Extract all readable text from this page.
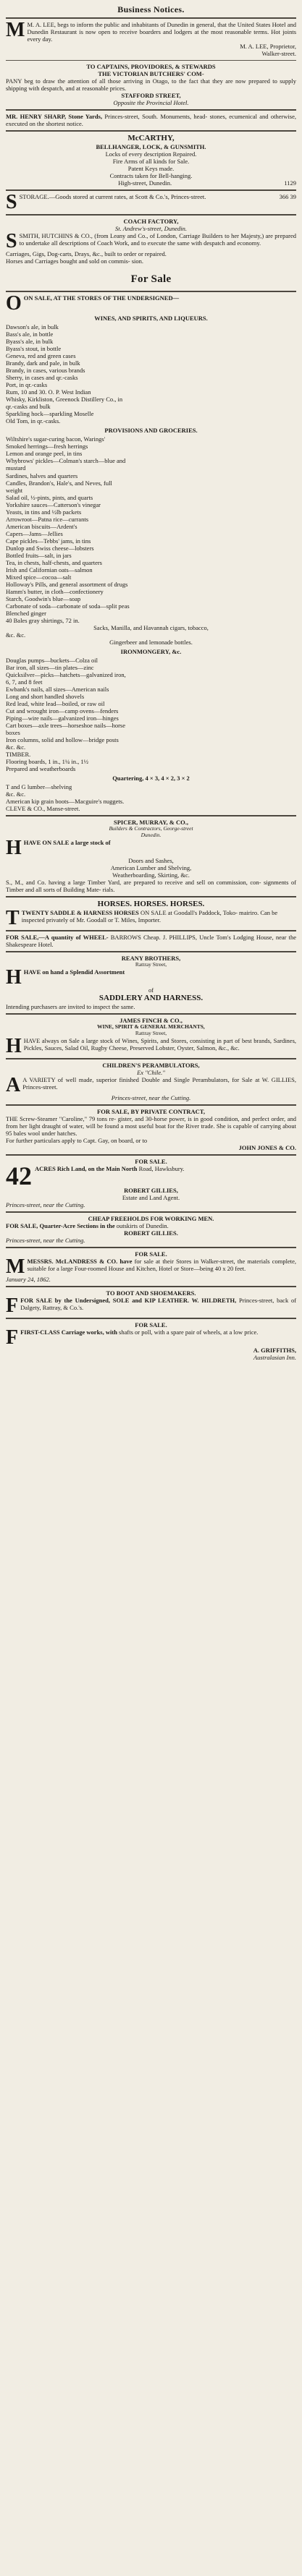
Business Notices.
M M. A. LEE, begs to inform the public and inhabitants of Dunedin in general, that the United States Hotel and Dunedin Restaurant is now open to receive boarders and lodgers at the most reasonable terms. Hot joints every day.
M. A. LEE, Proprietor,
Walker-street.
TO CAPTAINS, PROVIDORES, & STEWARDS
THE VICTORIAN BUTCHERS' COM-
PANY beg to draw the attention of all those arriving in Otago, to the fact that they are now prepared to supply shipping with despatch, and at reasonable prices.
STAFFORD STREET,
Opposite the Provincial Hotel.
MR. HENRY SHARP, Stone Yards, Princes-street, South. Monuments, head- stones, ecumenical and otherwise, executed on the shortest notice.
McCARTHY,
BELLHANGER, LOCK, & GUNSMITH.
Locks of every description Repaired.
Fire Arms of all kinds for Sale.
Patent Keys made.
Contracts taken for Bell-hanging.
High-street, Dunedin.	1129
S STORAGE.—Goods stored at current rates, at Scott & Co.'s, Princes-street.	366 39
COACH FACTORY,
St. Andrew's-street, Dunedin.
S SMITH, HUTCHINS & CO., (from Leany and Co., of London, Carriage Builders to her Majesty,) are prepared to undertake all descriptions of Coach Work, and to execute the same with despatch and economy.
Carriages, Gigs, Dog-carts, Drays, &c., built to order or repaired.
Horses and Carriages bought and sold on commis- sion.
For Sale
O ON SALE, AT THE STORES OF THE UNDERSIGNED—
WINES, AND SPIRITS, AND LIQUEURS.
Dawson's ale, in bulk
Bass's ale, in bottle
Byass's ale, in bulk
Byass's stout, in bottle
Geneva, red and green cases
Brandy, dark and pale, in bulk
Brandy, in cases, various brands
Sherry, in cases and qr.-casks
Port, in qr.-casks
Rum, 10 and 30. O. P. West Indian
Whisky, Kirkliston, Greenock Distillery Co., in
qr.-casks and bulk
Sparkling hock—sparkling Moselle
Old Tom, in qr.-casks.
PROVISIONS AND GROCERIES.
Wiltshire's sugar-curing bacon, Warings'
Smoked herrings—fresh herrings
Lemon and orange peel, in tins
Whybrows' pickles—Colman's starch—blue and
mustard
Sardines, halves and quarters
Candles, Brandon's, Hale's, and Neves, full
weight
Salad oil, ½-pints, pints, and quarts
Yorkshire sauces—Catterson's vinegar
Yeasts, in tins and ½lb packets
Arrowroot—Patna rice—currants
American biscuits—Ardent's
Capers—Jams—Jellies
Cape pickles—Tebbs' jams, in tins
Dunlop and Swiss cheese—lobsters
Bottled fruits—salt, in jars
Tea, in chests, half-chests, and quarters
Irish and Californian oats—salmon
Mixed spice—cocoa—salt
Holloway's Pills, and general assortment of drugs
Hamm's butter, in cloth—confectionery
Starch, Goodwin's blue—soap
Carbonate of soda—carbonate of soda—split peas
Blenched ginger
40 Bales gray shirtings, 72 in.
Sacks, Manilla, and Havannah cigars, tobacco,
&c. &c.
Gingerbeer and lemonade bottles.
IRONMONGERY, &c.
Douglas pumps—buckets—Colza oil
Bar iron, all sizes—tin plates—zinc
Quicksilver—picks—hatchets—galvanized iron,
6, 7, and 8 feet
Ewbank's nails, all sizes—American nails
Long and short handled shovels
Red lead, white lead—boiled, or raw oil
Cut and wrought iron—camp ovens—fenders
Piping—wire nails—galvanized iron—hinges
Cart boxes—axle trees—horseshoe nails—horse
boxes
Iron columns, solid and hollow—bridge posts
&c. &c.
TIMBER.
Flooring boards, 1 in., 1¼ in., 1½
Prepared and weatherboards
Quartering, 4 × 3, 4 × 2, 3 × 2
T and G lumber—shelving
&c. &c.
American kip grain boots—Macguire's nuggets.
CLEVE & CO., Manse-street.
SPICER, MURRAY, & CO.,
Builders & Contractors, George-street
Dunedin.
H HAVE ON SALE a large stock of
Doors and Sashes,
American Lumber and Shelving,
Weatherboarding, Skirting, &c.
S., M., and Co. having a large Timber Yard, are prepared to receive and sell on commission, con- signments of Timber and all sorts of Building Mate- rials.
HORSES. HORSES. HORSES.
T TWENTY SADDLE & HARNESS HORSES ON SALE at Goodall's Paddock, Toko- mairiro. Can be inspected privately of Mr. Goodall or T. Miles, Importer.
FOR SALE,—A quantity of WHEEL- BARROWS Cheap. J. PHILLIPS, Uncle Tom's Lodging House, near the Shakespeare Hotel.
REANY BROTHERS,
Rattray Street,
H HAVE on hand a Splendid Assortment
of
SADDLERY AND HARNESS.
Intending purchasers are invited to inspect the same.
JAMES FINCH & CO.,
WINE, SPIRIT & GENERAL MERCHANTS,
Rattray Street,
H HAVE always on Sale a large stock of Wines, Spirits, and Stores, consisting in part of best brands, Sardines, Pickles, Sauces, Salad Oil, Rugby Cheese, Preserved Lobster, Oyster, Salmon, &c., &c.
CHILDREN'S PERAMBULATORS,
Ex "Chile."
A A VARIETY of well made, superior finished Double and Single Perambulators, for Sale at W. GILLIES, Princes-street.
Princes-street, near the Cutting.
FOR SALE, BY PRIVATE CONTRACT,
THE Screw-Steamer "Caroline," 79 tons re- gister, and 30-horse power, is in good condition, and perfect order, and from her light draught of water, will be found a most useful boat for the River trade. She is capable of carrying about 95 bales wool under hatches.
For further particulars apply to Capt. Gay, on board, or to
JOHN JONES & CO.
FOR SALE.
42 ACRES Rich Land, on the Main North Road, Hawksbury.
ROBERT GILLIES,
Estate and Land Agent.
Princes-street, near the Cutting.
CHEAP FREEHOLDS FOR WORKING MEN.
FOR SALE, Quarter-Acre Sections in the outskirts of Dunedin.
ROBERT GILLIES.
Princes-street, near the Cutting.
FOR SALE.
M MESSRS. McLANDRESS & CO. have for sale at their Stores in Walker-street, the materials complete, suitable for a large Four-roomed House and Kitchen, Hotel or Store—being 40 x 20 feet.
January 24, 1862.
TO BOOT AND SHOEMAKERS.
F FOR SALE by the Undersigned, SOLE and KIP LEATHER. W. HILDRETH, Princes-street, back of Dalgety, Rattray, & Co.'s.
FOR SALE.
F FIRST-CLASS Carriage works, with shafts or poll, with a spare pair of wheels, at a low price.
A. GRIFFITHS,
Australasian Inn.
